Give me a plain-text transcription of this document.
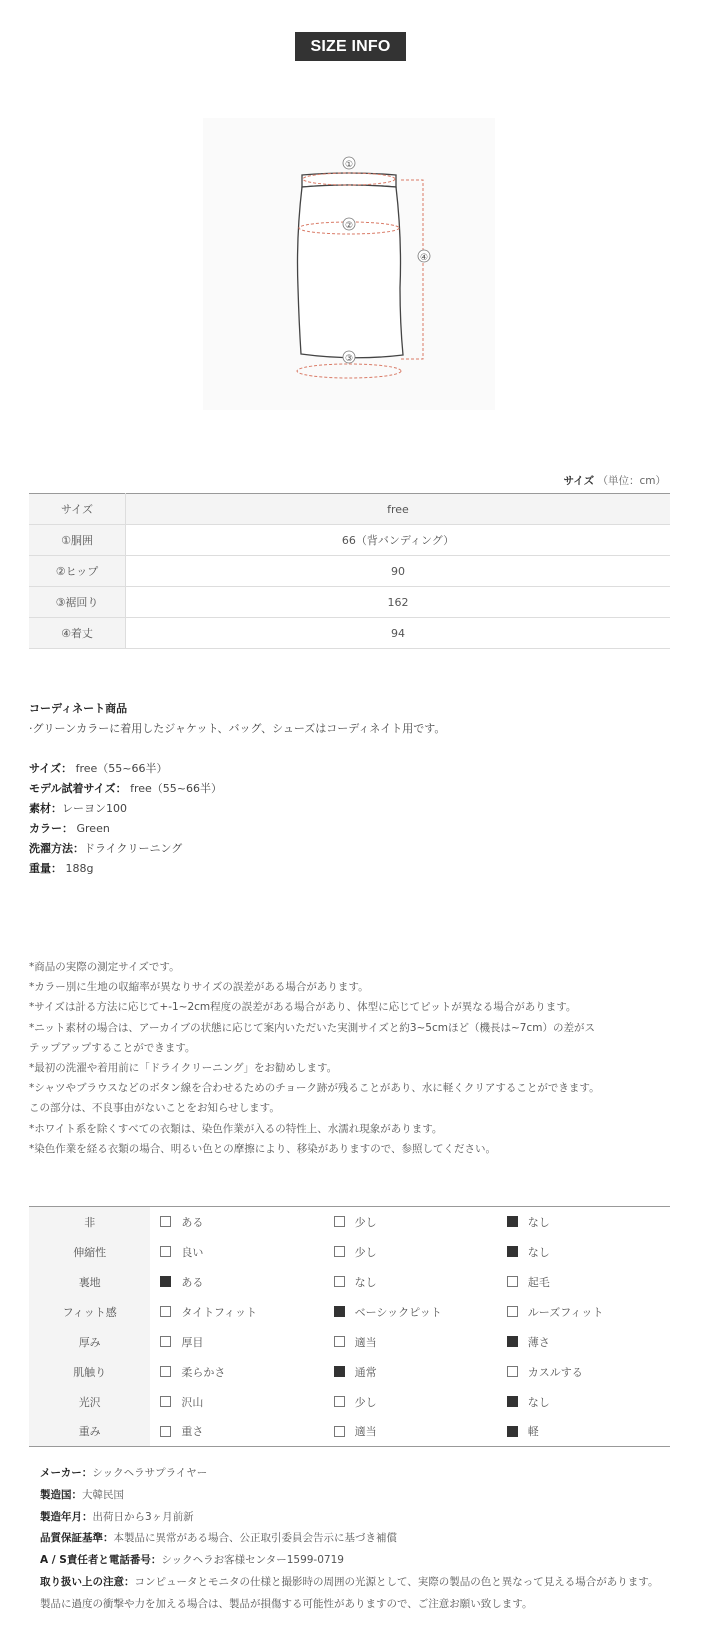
SIZE INFO
①
②
③
④
サイズ （単位：cm）
サイズ	free
①胴囲	66（背バンディング）
②ヒップ	90
③裾回り	162
④着丈	94
コーディネート商品
·グリーンカラーに着用したジャケット、バッグ、シューズはコーディネイト用です。
サイズ： free（55~66半）
モデル試着サイズ： free（55~66半）
素材：レーヨン100
カラー： Green
洗濯方法：ドライクリーニング
重量： 188g
*商品の実際の測定サイズです。
*カラー別に生地の収縮率が異なりサイズの誤差がある場合があります。
*サイズは計る方法に応じて+‐1~2cm程度の誤差がある場合があり、体型に応じてピットが異なる場合があります。
*ニット素材の場合は、アーカイブの状態に応じて案内いただいた実測サイズと約3~5cmほど（機長は~7cm）の差がス
テップアップすることができます。
*最初の洗濯や着用前に「ドライクリーニング」をお勧めします。
*シャツやブラウスなどのボタン線を合わせるためのチョーク跡が残ることがあり、水に軽くクリアすることができます。
この部分は、不良事由がないことをお知らせします。
*ホワイト系を除くすべての衣類は、染色作業が入るの特性上、水濡れ現象があります。
*染色作業を経る衣類の場合、明るい色との摩擦により、移染がありますので、参照してください。
非	ある	少し	なし
伸縮性	良い	少し	なし
裏地	ある	なし	起毛
フィット感	タイトフィット	ベーシックピット	ルーズフィット
厚み	厚目	適当	薄さ
肌触り	柔らかさ	通常	カスルする
光沢	沢山	少し	なし
重み	重さ	適当	軽
メーカー：シックヘラサプライヤー
製造国：大韓民国
製造年月：出荷日から3ヶ月前新
品質保証基準：本製品に異常がある場合、公正取引委員会告示に基づき補償
A / S責任者と電話番号：シックヘラお客様センター1599-0719
取り扱い上の注意：コンピュータとモニタの仕様と撮影時の周囲の光源として、実際の製品の色と異なって見える場合があります。
製品に過度の衝撃や力を加える場合は、製品が損傷する可能性がありますので、ご注意お願い致します。
